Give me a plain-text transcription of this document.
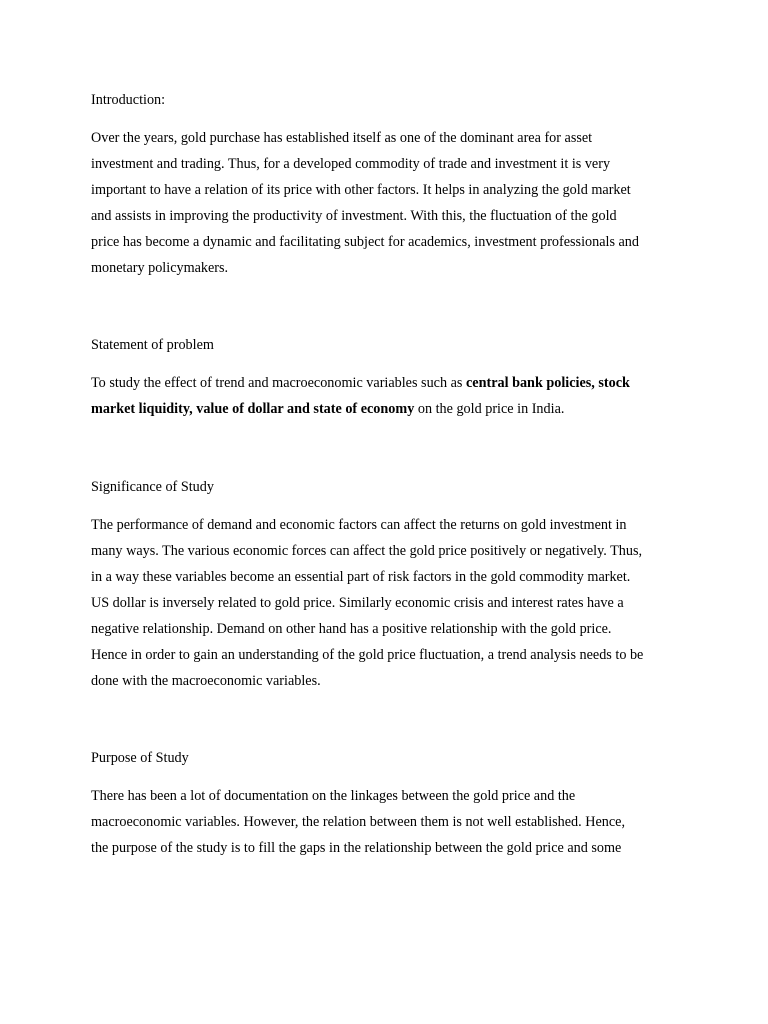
Introduction:
Over the years, gold purchase has established itself as one of the dominant area for asset
investment and trading. Thus, for a developed commodity of trade and investment it is very
important to have a relation of its price with other factors. It helps in analyzing the gold market
and assists in improving the productivity of investment. With this, the fluctuation of the gold
price has become a dynamic and facilitating subject for academics, investment professionals and
monetary policymakers.
Statement of problem
To study the effect of trend and macroeconomic variables such as central bank policies, stock
market liquidity, value of dollar and state of economy on the gold price in India.
Significance of Study
The performance of demand and economic factors can affect the returns on gold investment in
many ways. The various economic forces can affect the gold price positively or negatively. Thus,
in a way these variables become an essential part of risk factors in the gold commodity market.
US dollar is inversely related to gold price. Similarly economic crisis and interest rates have a
negative relationship. Demand on other hand has a positive relationship with the gold price.
Hence in order to gain an understanding of the gold price fluctuation, a trend analysis needs to be
done with the macroeconomic variables.
Purpose of Study
There has been a lot of documentation on the linkages between the gold price and the
macroeconomic variables. However, the relation between them is not well established. Hence,
the purpose of the study is to fill the gaps in the relationship between the gold price and some
